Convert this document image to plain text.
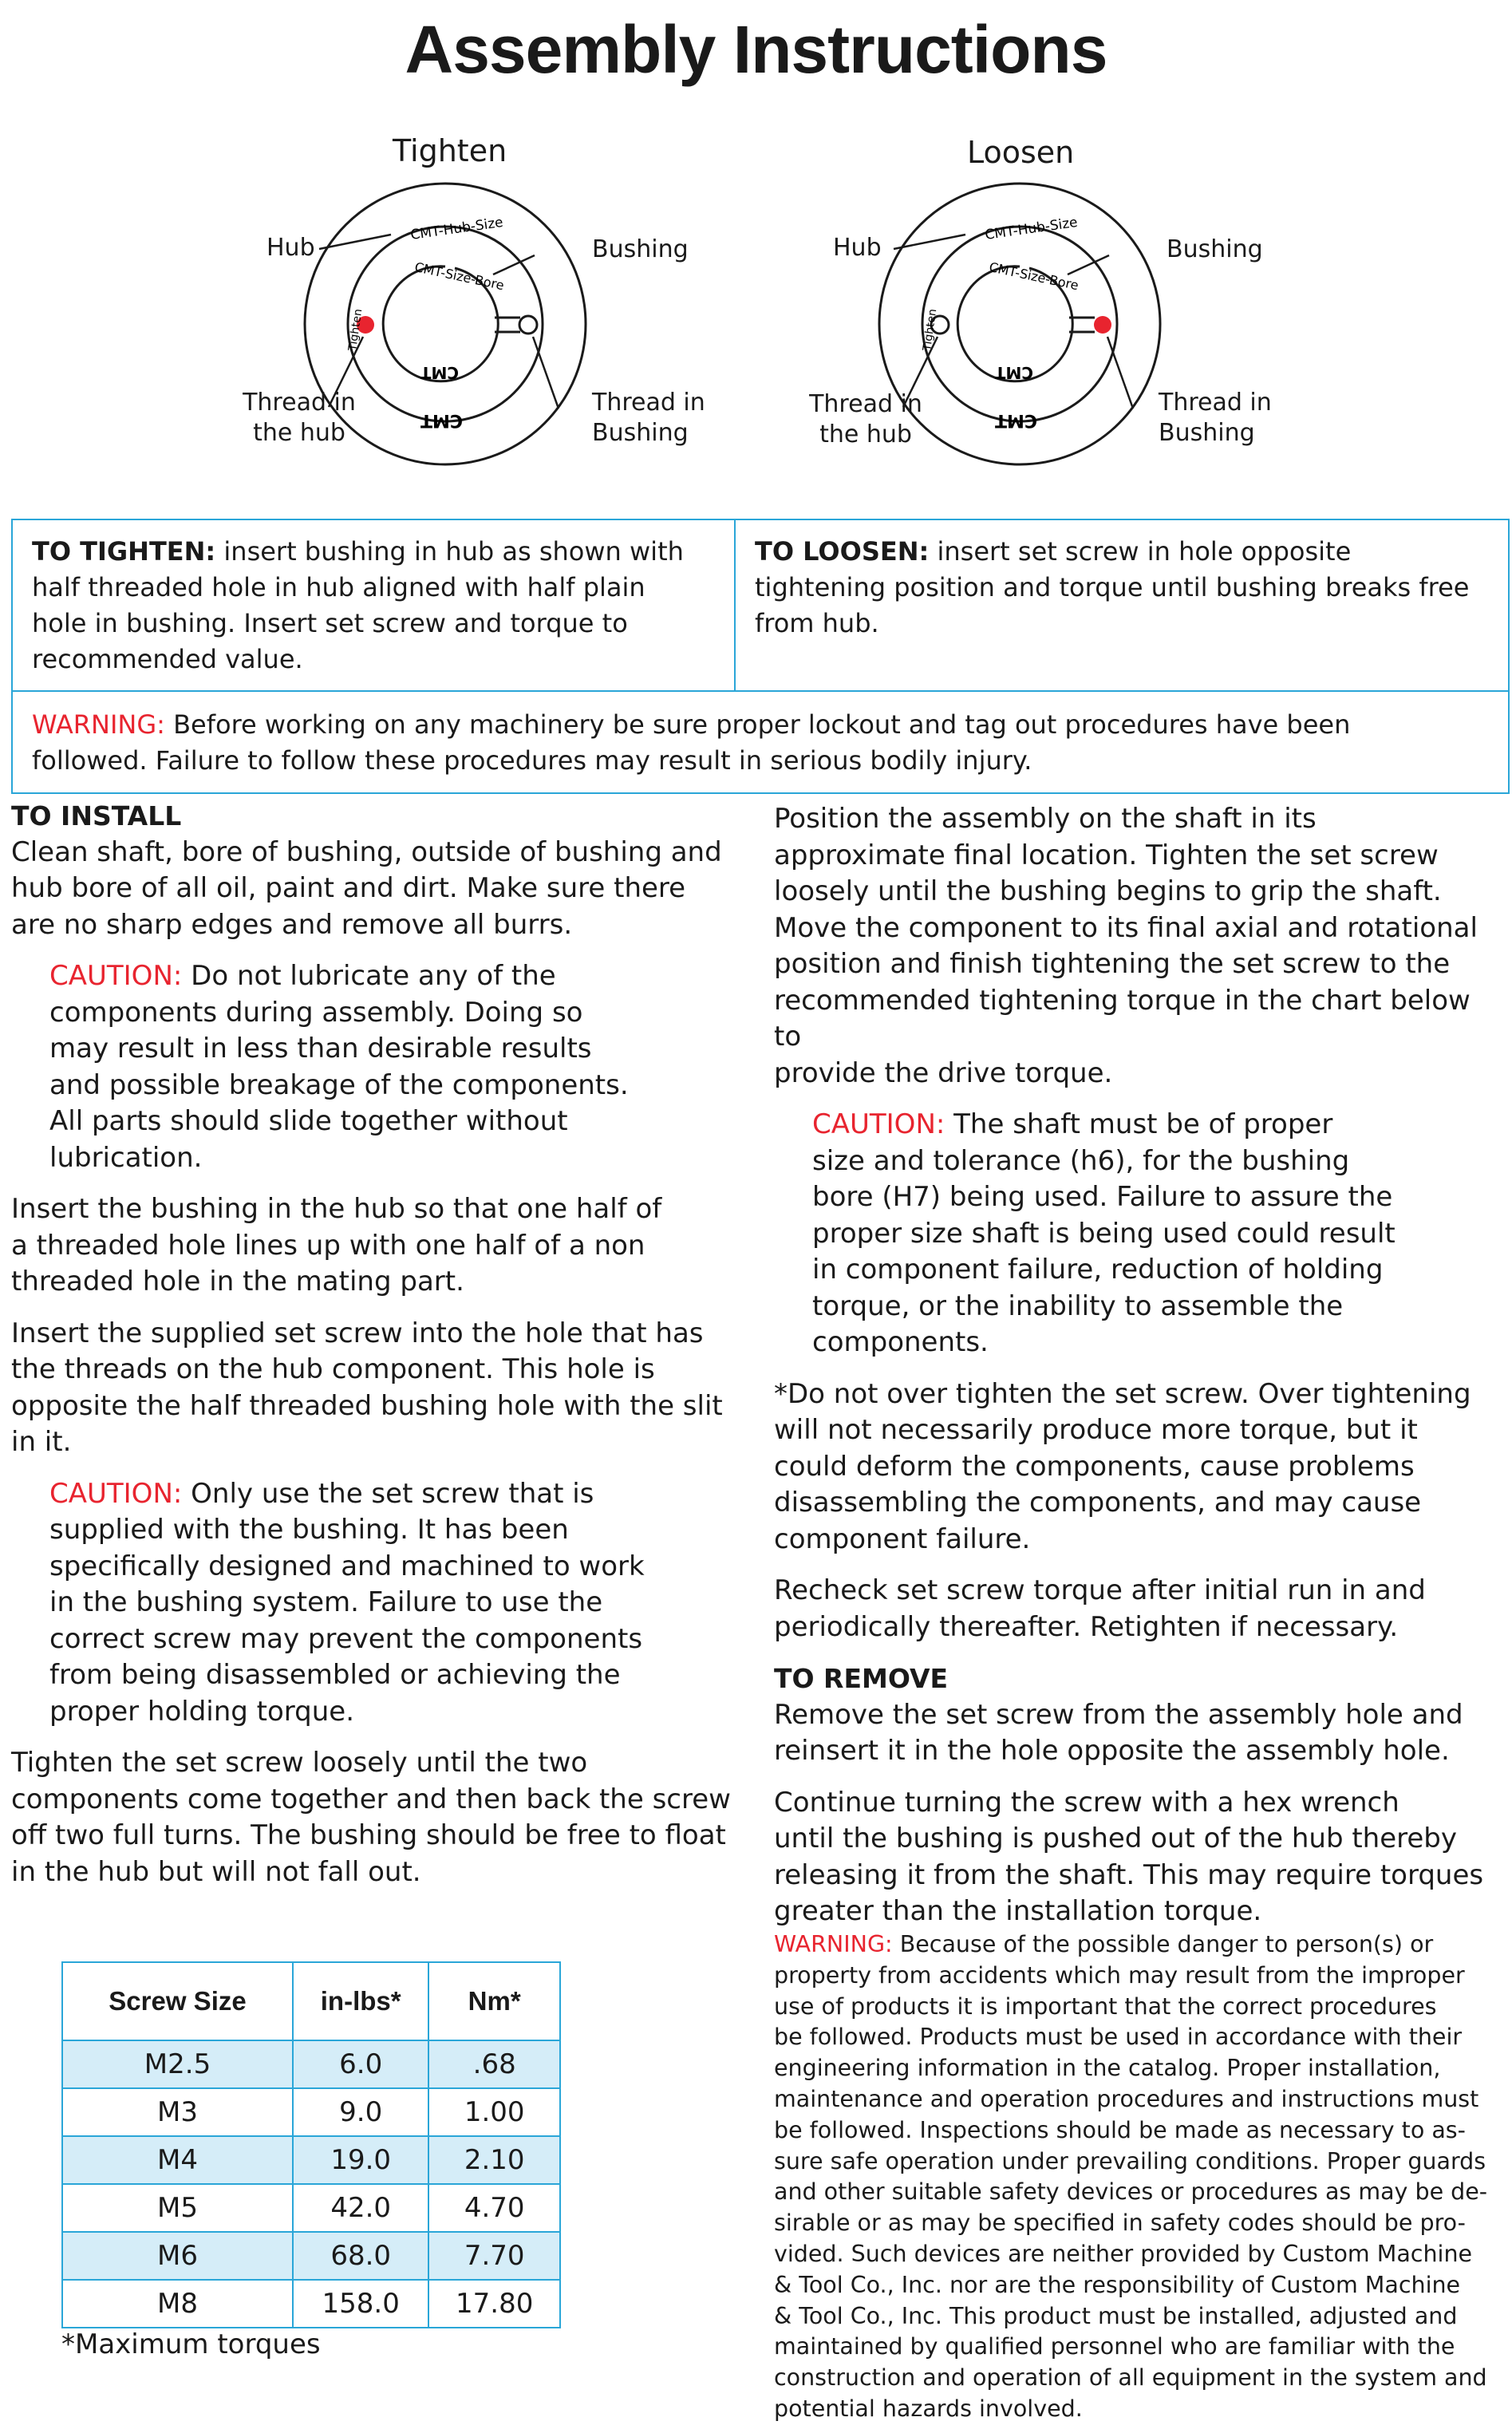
Assembly Instructions
Tighten
CMT-Hub-Size
CMT-Size-Bore
Tighten
CMT
CMT
Hub	Bushing
Thread in
the hub
Thread in
Bushing
Loosen
CMT-Hub-Size
CMT-Size-Bore
Tighten
CMT
CMT
Hub	Bushing
Thread in
the hub
Thread in
Bushing
TO TIGHTEN: insert bushing in hub as shown with
half threaded hole in hub aligned with half plain
hole in bushing. Insert set screw and torque to
recommended value.
TO LOOSEN: insert set screw in hole opposite
tightening position and torque until bushing breaks free
from hub.
WARNING: Before working on any machinery be sure proper lockout and tag out procedures have been
followed. Failure to follow these procedures may result in serious bodily injury.

TO INSTALL

Clean shaft, bore of bushing, outside of bushing and
hub bore of all oil, paint and dirt. Make sure there
are no sharp edges and remove all burrs.

CAUTION: Do not lubricate any of the
components during assembly. Doing so
may result in less than desirable results
and possible breakage of the components.
All parts should slide together without
lubrication.

Insert the bushing in the hub so that one half of
a threaded hole lines up with one half of a non
threaded hole in the mating part.

Insert the supplied set screw into the hole that has
the threads on the hub component. This hole is
opposite the half threaded bushing hole with the slit
in it.

CAUTION: Only use the set screw that is
supplied with the bushing. It has been
specifically designed and machined to work
in the bushing system. Failure to use the
correct screw may prevent the components
from being disassembled or achieving the
proper holding torque.

Tighten the set screw loosely until the two
components come together and then back the screw
off two full turns. The bushing should be free to float
in the hub but will not fall out.

Position the assembly on the shaft in its
approximate final location. Tighten the set screw
loosely until the bushing begins to grip the shaft.
Move the component to its final axial and rotational
position and finish tightening the set screw to the
recommended tightening torque in the chart below to
provide the drive torque.

CAUTION: The shaft must be of proper
size and tolerance (h6), for the bushing
bore (H7) being used. Failure to assure the
proper size shaft is being used could result
in component failure, reduction of holding
torque, or the inability to assemble the
components.

*Do not over tighten the set screw. Over tightening
will not necessarily produce more torque, but it
could deform the components, cause problems
disassembling the components, and may cause
component failure.

Recheck set screw torque after initial run in and
periodically thereafter. Retighten if necessary.

TO REMOVE

Remove the set screw from the assembly hole and
reinsert it in the hole opposite the assembly hole.

Continue turning the screw with a hex wrench
until the bushing is pushed out of the hub thereby
releasing it from the shaft. This may require torques
greater than the installation torque.

WARNING: Because of the possible danger to person(s) or
property from accidents which may result from the improper
use of products it is important that the correct procedures
be followed. Products must be used in accordance with their
engineering information in the catalog. Proper installation,
maintenance and operation procedures and instructions must
be followed. Inspections should be made as necessary to as-
sure safe operation under prevailing conditions. Proper guards
and other suitable safety devices or procedures as may be de-
sirable or as may be specified in safety codes should be pro-
vided. Such devices are neither provided by Custom Machine
& Tool Co., Inc. nor are the responsibility of Custom Machine
& Tool Co., Inc. This product must be installed, adjusted and
maintained by qualified personnel who are familiar with the
construction and operation of all equipment in the system and
potential hazards involved.
Screw Size	in-lbs*	Nm*
M2.5	6.0	.68
M3	9.0	1.00
M4	19.0	2.10
M5	42.0	4.70
M6	68.0	7.70
M8	158.0	17.80
*Maximum torques
